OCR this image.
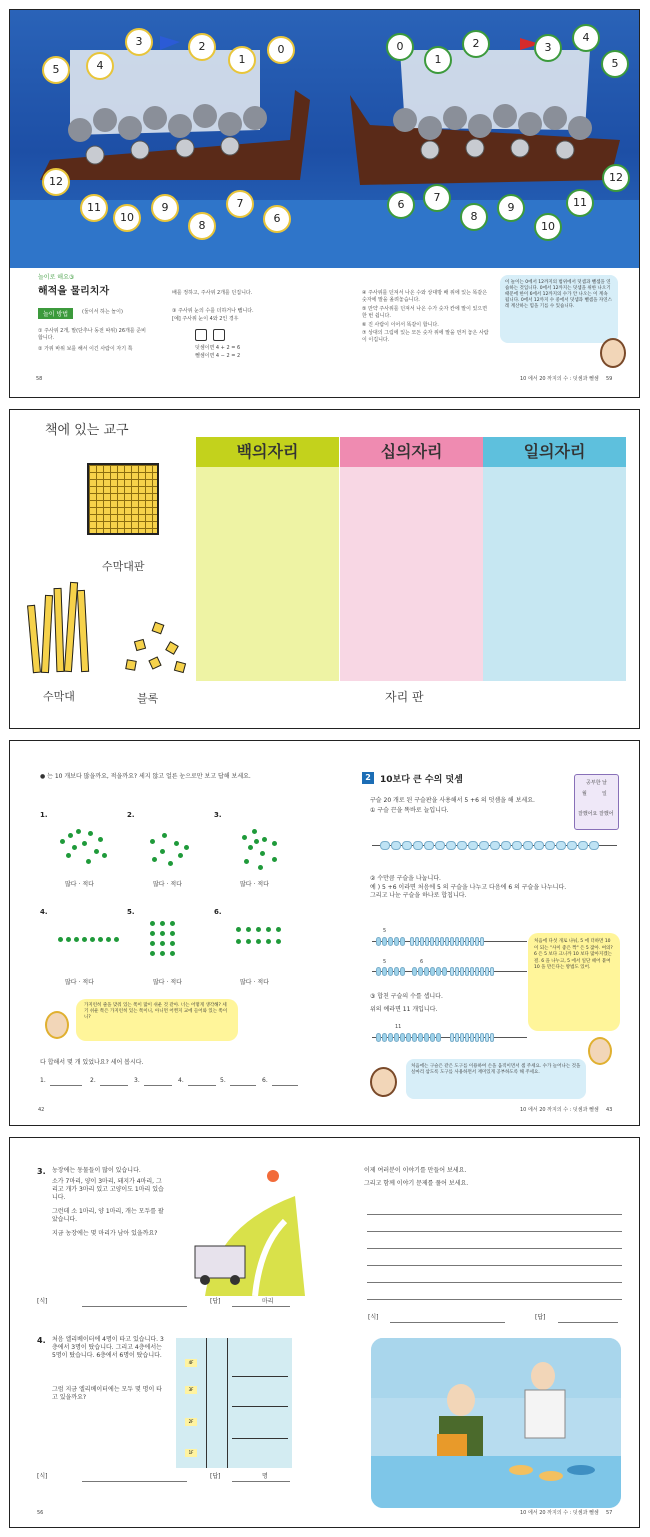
3	2
1
0
5	4
12
11
10
9
8
7
6
0
1
2	3
4
5
12
11
10
9
8
7
6
놀이로 해요③
해적을 물리치자
놀이 방법	(둘이서 하는 놀이)
① 주사위 2개, 말(단추나 동전 따위) 26개를 준비합니다.
② 가위 바위 보를 해서 이긴 사람이 자기 쪽
배를 정하고, 주사위 2개를 던집니다.
③ 주사위 눈의 수를 더하거나 뺍니다.
[예] 주사위 눈이 4와 2인 경우
덧셈이면 4 + 2 = 6
뺄셈이면 4 − 2 = 2
④ 주사위를 던져서 나온 수와 상대방 배 위에 있는 똑같은 숫자에 말을 올려놓습니다.
⑤ 만약 주사위를 던져서 나온 수가 숫자 칸에 말이 있으면 한 번 쉽니다.
⑥ 진 사람이 이어서 똑같이 합니다.
⑦ 상대의 그림에 있는 모든 숫자 위에 말을 먼저 놓은 사람이 이깁니다.
이 놀이는 0에서 12까지의 범위에서 덧셈과 뺄셈을 연습하는 것입니다. 0에서 12까지는 덧셈을 위한 나오기 때문에 한이 6에서 12까지의 수가 안 나오는 이 계속 됩니다. 0에서 12까지 수 중에서 덧셈과 뺄셈을 자연스레 계산하는 힘을 기를 수 있습니다.
58	10 에서 20 까지의 수 : 덧셈과 뺄셈 59
책에 있는 교구
수막대판
수막대	블록
백의자리	십의자리	일의자리
자리 판
● 는 10 개보다 많을까요, 적을까요? 세지 않고 얼른 눈으로만 보고 답해 보세요.
1.	2.	3.
4.	5.	6.
많다 · 적다	많다 · 적다	많다 · 적다
많다 · 적다	많다 · 적다	많다 · 적다
가지런히 줄을 맞춰 있는 쪽이 많이 쉬운 것 같아. 너는 어떻게 생각해? 세기 쉬운 쪽은 가지런히 있는 쪽이니, 아니면 어쩐지 교에 들어와 있는 쪽이니?
다 합해서 몇 개 있었나요? 세어 봅시다.
1.	2.	3.	4.	5.	6.
2	10보다 큰 수의 덧셈	공부한 날
월	일
잘했어요 잘했어
구슬 20 개로 된 구슬판을 사용해서 5 +6 의 덧셈을 해 보세요.
① 구슬 끈을 똑바로 늘입니다.
② 수만큼 구슬을 나눕니다.
예 ) 5 +6 이라면 처음에 5 의 구슬을 나누고 다음에 6 의 구슬을 나누니다. 그리고 나눈 구슬을 하나로 합칩니다.
5
5	6
③ 합친 구슬의 수를 셉니다.
위의 예라면 11 개입니다.
11
처음에 다섯 개로 나눠, 5 에 더하면 10 이 되는 "사이 좋은 짝" 은 5 잖아. 여의? 6 은 5 보다 크니까 10 보다 많아지겠는걸. 6 을 나누고, 5 에서 일단 떼어 붙여 10 을 만든다는 방법도 있어.
처음에는 구슬은 같은 도구를 이용하여 손을 움직이면서 셈 주세요. 수가 늘어나는 것을 실마리 삼도록 도구를 사용하면서 재미있게 공부하도록 해 주세요.
42	10 에서 20 까지의 수 : 덧셈과 뺄셈 43
3. 농장에는 동물들이 많이 있습니다.
소가 7마리, 양이 3마리, 돼지가 4마리, 그리고 개가 3마리 있고 고양이도 1마리 있습니다.
그런데 소 1마리, 양 1마리, 개는 모두를 팔았습니다.
지금 농장에는 몇 마리가 남아 있을까요?
[식]	[답]	마리
4. 처음 엘리베이터에 4명이 타고 있습니다. 3층에서 3명이 탔습니다. 그리고 4층에서는 5명이 탔습니다. 6층에서 6명이 탔습니다.
그럼 지금 엘리베이터에는 모두 몇 명이 타고 있을까요?
4F
3F
2F
1F
[식]	[답]	명
이제 여러분이 이야기를 만들어 보세요.
그리고 함께 이야기 문제를 풀어 보세요.
[식]	[답]
56	10 에서 20 까지의 수 : 덧셈과 뺄셈 57
